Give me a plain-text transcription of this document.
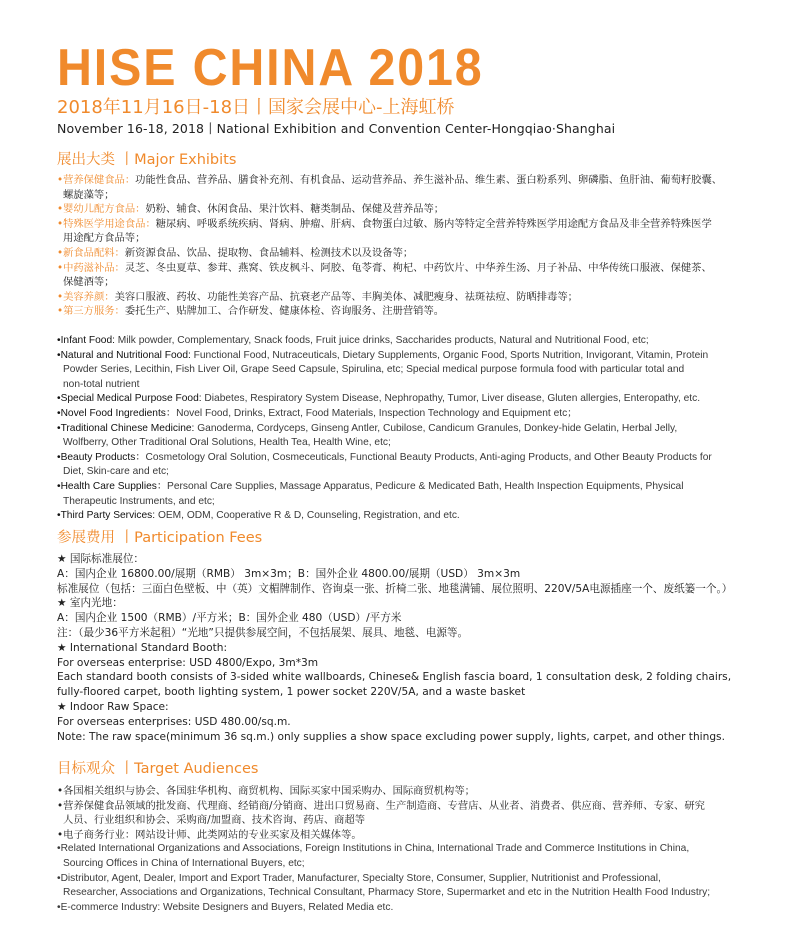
HISE CHINA 2018
2018年11月16日-18日丨国家会展中心-上海虹桥
November 16-18, 2018丨National Exhibition and Convention Center-Hongqiao·Shanghai
展出大类 丨Major Exhibits

•营养保健食品：功能性食品、营养品、膳食补充剂、有机食品、运动营养品、养生滋补品、维生素、蛋白粉系列、卵磷脂、鱼肝油、葡萄籽胶囊、

螺旋藻等；

•婴幼儿配方食品：奶粉、辅食、休闲食品、果汁饮料、糖类制品、保健及营养品等；

•特殊医学用途食品：糖尿病、呼吸系统疾病、肾病、肿瘤、肝病、食物蛋白过敏、肠内等特定全营养特殊医学用途配方食品及非全营养特殊医学

用途配方食品等；

•新食品配料：新资源食品、饮品、提取物、食品辅料、检测技术以及设备等；

•中药滋补品：灵芝、冬虫夏草、参茸、燕窝、铁皮枫斗、阿胶、龟苓膏、枸杞、中药饮片、中华养生汤、月子补品、中华传统口服液、保健茶、

保健酒等；

•美容养颜：美容口服液、药妆、功能性美容产品、抗衰老产品等、丰胸美体、减肥瘦身、祛斑祛痘、防晒排毒等；

•第三方服务：委托生产、贴牌加工、合作研发、健康体检、咨询服务、注册营销等。

•Infant Food: Milk powder, Complementary, Snack foods, Fruit juice drinks, Saccharides products, Natural and Nutritional Food, etc;

•Natural and Nutritional Food: Functional Food, Nutraceuticals, Dietary Supplements, Organic Food, Sports Nutrition, Invigorant, Vitamin, Protein

Powder Series, Lecithin, Fish Liver Oil, Grape Seed Capsule, Spirulina, etc; Special medical purpose formula food with particular total and

non-total nutrient

•Special Medical Purpose Food: Diabetes, Respiratory System Disease, Nephropathy, Tumor, Liver disease, Gluten allergies, Enteropathy, etc.

•Novel Food Ingredients：Novel Food, Drinks, Extract, Food Materials, Inspection Technology and Equipment etc；

•Traditional Chinese Medicine: Ganoderma, Cordyceps, Ginseng Antler, Cubilose, Candicum Granules, Donkey-hide Gelatin, Herbal Jelly,

Wolfberry, Other Traditional Oral Solutions, Health Tea, Health Wine, etc;

•Beauty Products：Cosmetology Oral Solution, Cosmeceuticals, Functional Beauty Products, Anti-aging Products, and Other Beauty Products for

Diet, Skin-care and etc;

•Health Care Supplies：Personal Care Supplies, Massage Apparatus, Pedicure & Medicated Bath, Health Inspection Equipments, Physical

Therapeutic Instruments, and etc;

•Third Party Services: OEM, ODM, Cooperative R & D, Counseling, Registration, and etc.

参展费用 丨Participation Fees

★ 国际标准展位：

A：国内企业 16800.00/展期（RMB） 3m×3m；B：国外企业 4800.00/展期（USD） 3m×3m

标准展位（包括：三面白色壁板、中（英）文楣牌制作、咨询桌一张、折椅二张、地毯满铺、展位照明、220V/5A电源插座一个、废纸篓一个。）

★ 室内光地：

A：国内企业 1500（RMB）/平方米；B：国外企业 480（USD）/平方米

注：（最少36平方米起租）“光地”只提供参展空间，不包括展架、展具、地毯、电源等。

★ International Standard Booth:

For overseas enterprise: USD 4800/Expo, 3m*3m

Each standard booth consists of 3-sided white wallboards, Chinese& English fascia board, 1 consultation desk, 2 folding chairs,

fully-floored carpet, booth lighting system, 1 power socket 220V/5A, and a waste basket

★ Indoor Raw Space:

For overseas enterprises: USD 480.00/sq.m.

Note: The raw space(minimum 36 sq.m.) only supplies a show space excluding power supply, lights, carpet, and other things.

目标观众 丨Target Audiences

•各国相关组织与协会、各国驻华机构、商贸机构、国际买家中国采购办、国际商贸机构等；

•营养保健食品领域的批发商、代理商、经销商/分销商、进出口贸易商、生产制造商、专营店、从业者、消费者、供应商、营养师、专家、研究

人员、行业组织和协会、采购商/加盟商、技术咨询、药店、商超等

•电子商务行业：网站设计师、此类网站的专业买家及相关媒体等。

•Related International Organizations and Associations, Foreign Institutions in China, International Trade and Commerce Institutions in China,

Sourcing Offices in China of International Buyers, etc;

•Distributor, Agent, Dealer, Import and Export Trader, Manufacturer, Specialty Store, Consumer, Supplier, Nutritionist and Professional,

Researcher, Associations and Organizations, Technical Consultant, Pharmacy Store, Supermarket and etc in the Nutrition Health Food Industry;

•E-commerce Industry: Website Designers and Buyers, Related Media etc.
